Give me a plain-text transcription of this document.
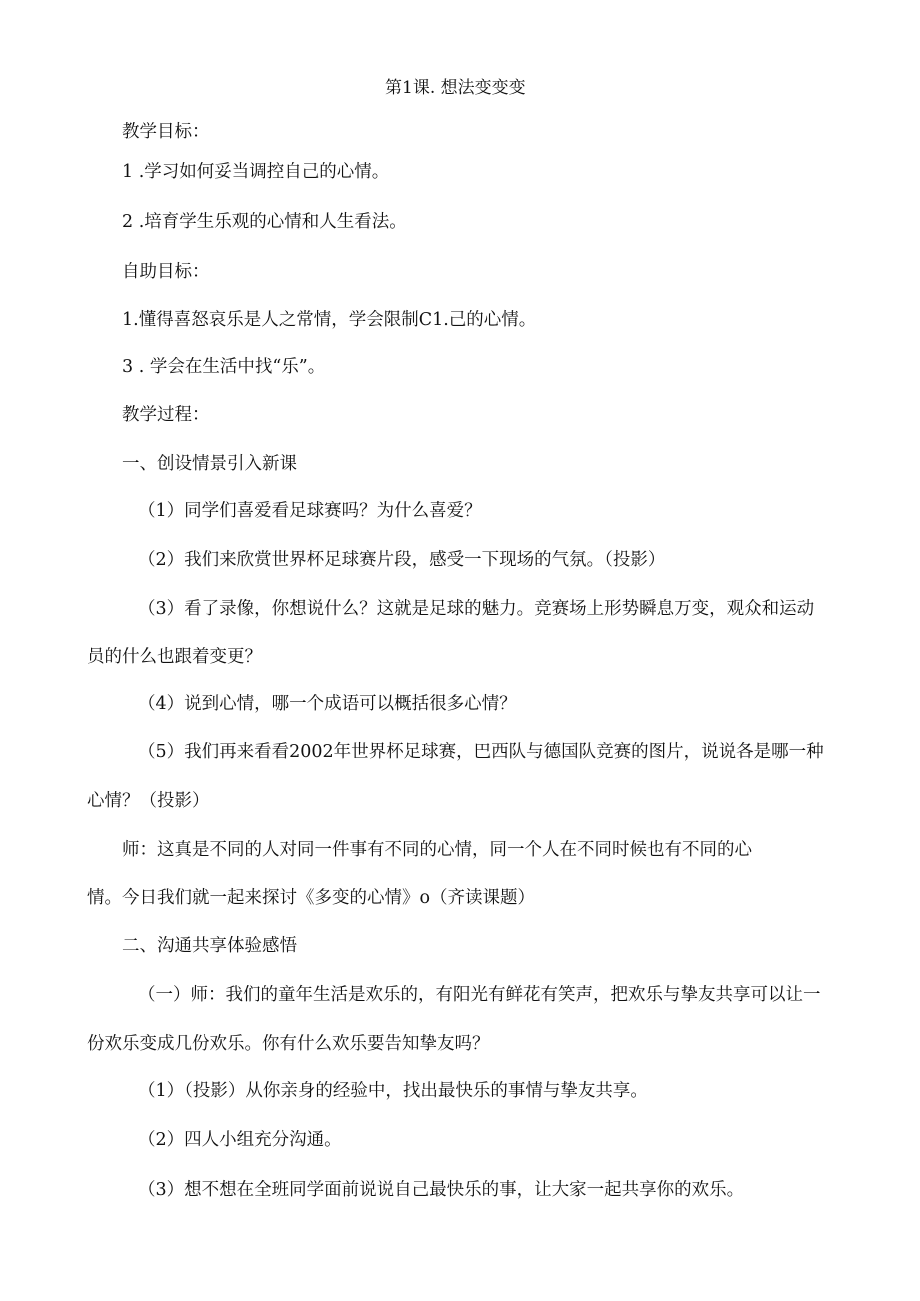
第1课. 想法变变变
教学目标：
1 .学习如何妥当调控自己的心情。
2 .培育学生乐观的心情和人生看法。
自助目标：
1.懂得喜怒哀乐是人之常情，学会限制C1.己的心情。
3 . 学会在生活中找“乐”。
教学过程：
一、创设情景引入新课
（1）同学们喜爱看足球赛吗？为什么喜爱？
（2）我们来欣赏世界杯足球赛片段，感受一下现场的气氛。（投影）
（3）看了录像，你想说什么？这就是足球的魅力。竞赛场上形势瞬息万变，观众和运动
员的什么也跟着变更？
（4）说到心情，哪一个成语可以概括很多心情？
（5）我们再来看看2002年世界杯足球赛，巴西队与德国队竞赛的图片，说说各是哪一种
心情？（投影）
师：这真是不同的人对同一件事有不同的心情，同一个人在不同时候也有不同的心
情。今日我们就一起来探讨《多变的心情》o（齐读课题）
二、沟通共享体验感悟
（一）师：我们的童年生活是欢乐的，有阳光有鲜花有笑声，把欢乐与挚友共享可以让一
份欢乐变成几份欢乐。你有什么欢乐要告知挚友吗？
（1）（投影）从你亲身的经验中，找出最快乐的事情与挚友共享。
（2）四人小组充分沟通。
（3）想不想在全班同学面前说说自己最快乐的事，让大家一起共享你的欢乐。
